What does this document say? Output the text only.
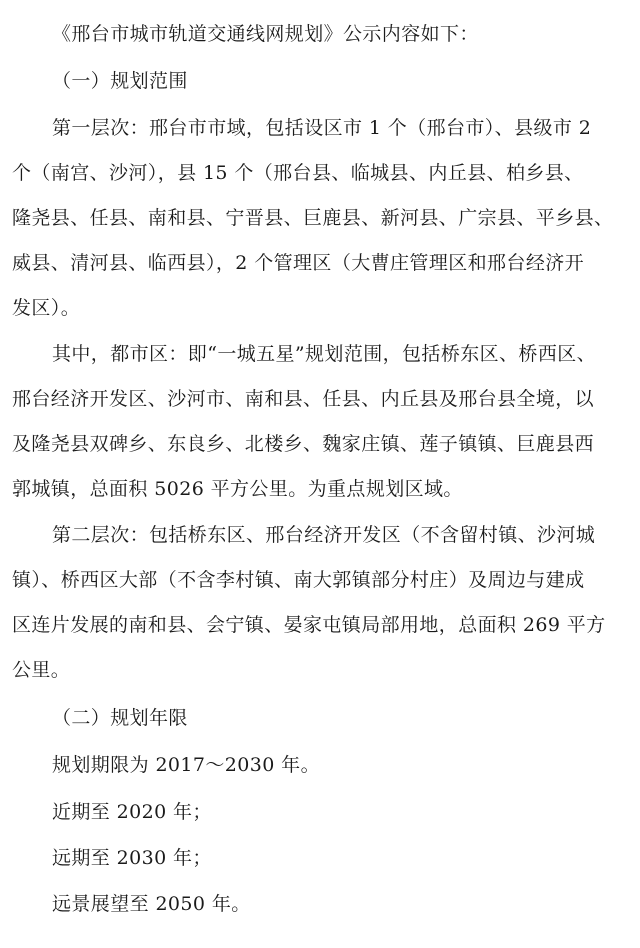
《邢台市城市轨道交通线网规划》公示内容如下：
（一）规划范围
第一层次：邢台市市域，包括设区市 1 个（邢台市）、县级市 2
个（南宫、沙河），县 15 个（邢台县、临城县、内丘县、柏乡县、
隆尧县、任县、南和县、宁晋县、巨鹿县、新河县、广宗县、平乡县、
威县、清河县、临西县），2 个管理区（大曹庄管理区和邢台经济开
发区）。
其中，都市区：即“一城五星”规划范围，包括桥东区、桥西区、
邢台经济开发区、沙河市、南和县、任县、内丘县及邢台县全境，以
及隆尧县双碑乡、东良乡、北楼乡、魏家庄镇、莲子镇镇、巨鹿县西
郭城镇，总面积 5026 平方公里。为重点规划区域。
第二层次：包括桥东区、邢台经济开发区（不含留村镇、沙河城
镇）、桥西区大部（不含李村镇、南大郭镇部分村庄）及周边与建成
区连片发展的南和县、会宁镇、晏家屯镇局部用地，总面积 269 平方
公里。
（二）规划年限
规划期限为 2017～2030 年。
近期至 2020 年；
远期至 2030 年；
远景展望至 2050 年。
